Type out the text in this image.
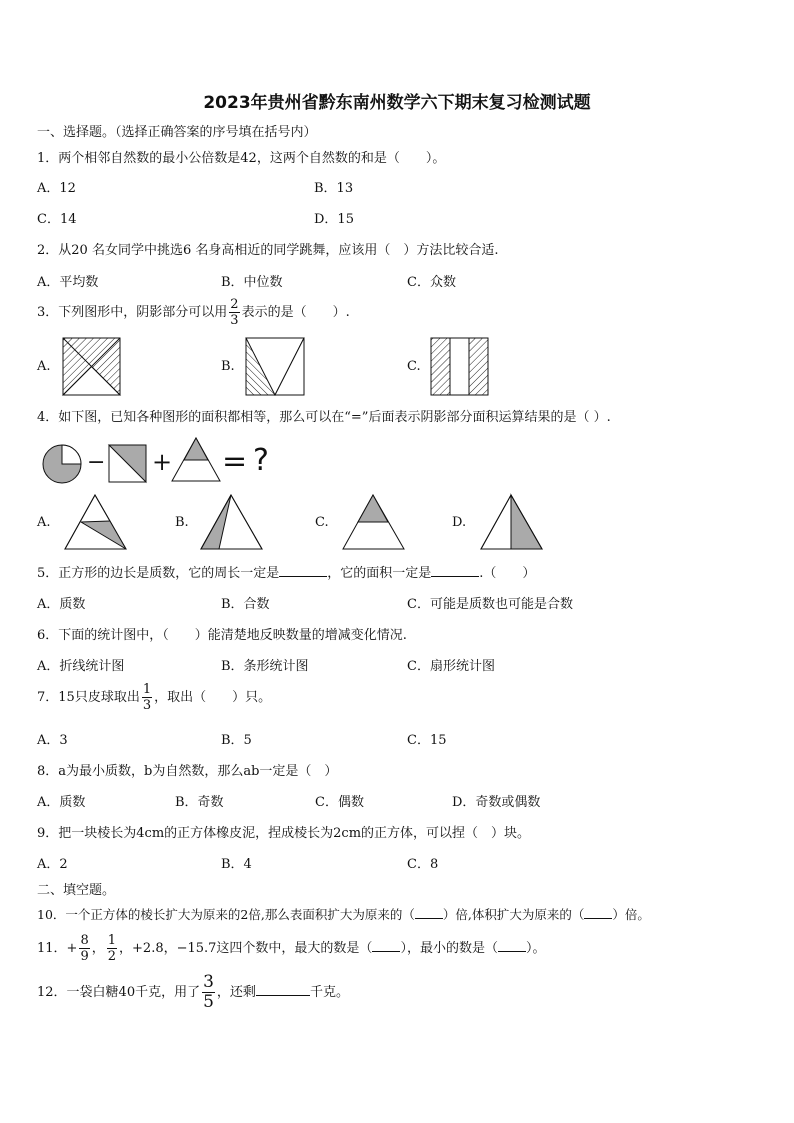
2023年贵州省黔东南州数学六下期末复习检测试题
一、选择题。（选择正确答案的序号填在括号内）
1．两个相邻自然数的最小公倍数是42，这两个自然数的和是（　　）。
A．12	B．13
C．14	D．15
2．从20 名女同学中挑选6 名身高相近的同学跳舞，应该用（　）方法比较合适.
A．平均数	B．中位数	C．众数
3．下列图形中，阴影部分可以用 $\frac{2}{3}$ 表示的是（　　）.
A.	B.	C.
4．如下图，已知各种图形的面积都相等，那么可以在“=”后面表示阴影部分面积运算结果的是（ ）.
− + = ?
A.	B.	C.	D.
5．正方形的边长是质数，它的周长一定是	，它的面积一定是	.（　　）
A．质数	B．合数	C．可能是质数也可能是合数
6．下面的统计图中，（　　）能清楚地反映数量的增减变化情况.
A．折线统计图	B．条形统计图	C．扇形统计图
7．15只皮球取出 $\frac{1}{3}$ ，取出（　　）只。
A．3	B．5	C．15
8．a为最小质数，b为自然数，那么ab一定是（　）
A．质数	B．奇数	C．偶数	D．奇数或偶数
9．把一块棱长为4cm的正方体橡皮泥，捏成棱长为2cm的正方体，可以捏（　）块。
A．2	B．4	C．8
二、填空题。
10．一个正方体的棱长扩大为原来的2倍,那么表面积扩大为原来的（ ）倍,体积扩大为原来的（ ）倍。
11．+ $\frac{8}{9}$ ， $\frac{1}{2}$ ，+2.8，−15.7这四个数中，最大的数是（ ），最小的数是（ ）。
12．一袋白糖40千克，用了 $\frac{3}{5}$ ，还剩	千克。
